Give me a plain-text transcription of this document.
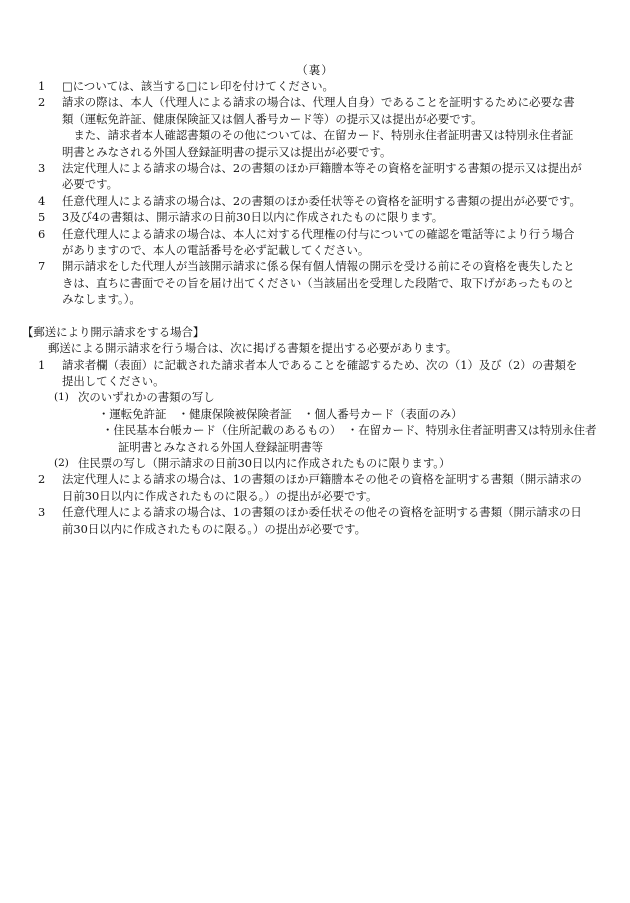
（裏）
1	□については、該当する□にレ印を付けてください。
2	請求の際は、本人（代理人による請求の場合は、代理人自身）であることを証明するために必要な書類（運転免許証、健康保険証又は個人番号カード等）の提示又は提出が必要です。
また、請求者本人確認書類のその他については、在留カード、特別永住者証明書又は特別永住者証明書とみなされる外国人登録証明書の提示又は提出が必要です。
3	法定代理人による請求の場合は、2の書類のほか戸籍謄本等その資格を証明する書類の提示又は提出が必要です。
4	任意代理人による請求の場合は、2の書類のほか委任状等その資格を証明する書類の提出が必要です。
5	3及び4の書類は、開示請求の日前30日以内に作成されたものに限ります。
6	任意代理人による請求の場合は、本人に対する代理権の付与についての確認を電話等により行う場合がありますので、本人の電話番号を必ず記載してください。
7	開示請求をした代理人が当該開示請求に係る保有個人情報の開示を受ける前にその資格を喪失したときは、直ちに書面でその旨を届け出てください（当該届出を受理した段階で、取下げがあったものとみなします。）。
【郵送により開示請求をする場合】
郵送による開示請求を行う場合は、次に掲げる書類を提出する必要があります。
1	請求者欄（表面）に記載された請求者本人であることを確認するため、次の（1）及び（2）の書類を提出してください。
(1) 次のいずれかの書類の写し
・運転免許証　・健康保険被保険者証　・個人番号カード（表面のみ）
・住民基本台帳カード（住所記載のあるもの）　・在留カード、特別永住者証明書又は特別永住者証明書とみなされる外国人登録証明書等
(2) 住民票の写し（開示請求の日前30日以内に作成されたものに限ります。）
2	法定代理人による請求の場合は、1の書類のほか戸籍謄本その他その資格を証明する書類（開示請求の日前30日以内に作成されたものに限る。）の提出が必要です。
3	任意代理人による請求の場合は、1の書類のほか委任状その他その資格を証明する書類（開示請求の日前30日以内に作成されたものに限る。）の提出が必要です。
